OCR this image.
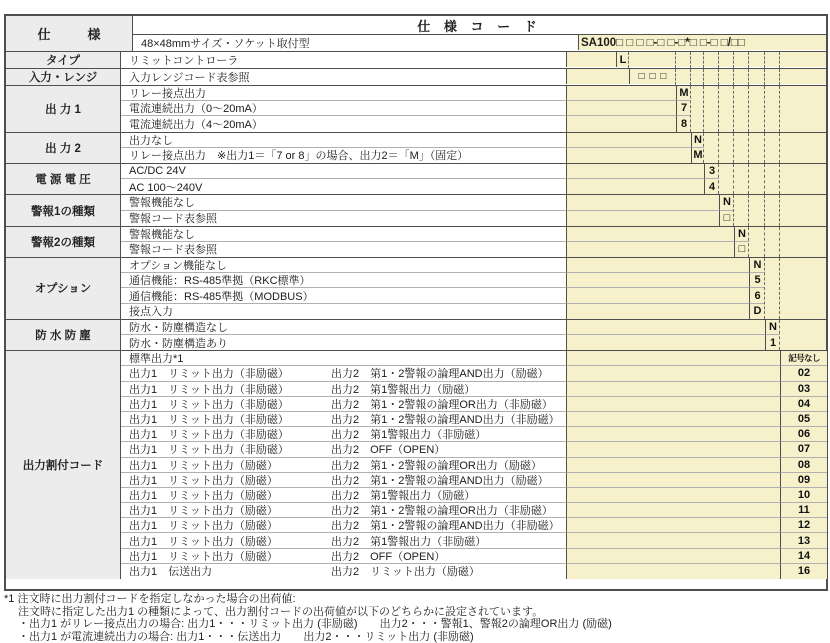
仕　様
仕 様 コ ー ド
48×48mmサイズ・ソケット取付型	SA100□ □ □ □-□ □-□*□ □-□ □/□□
タイプ	リミットコントローラ	L
入力・レンジ	入力レンジコード表参照	□ □ □
出 力 1
リレー接点出力	M
電流連続出力（0～20mA）	7
電流連続出力（4～20mA）	8
出 力 2
出力なし	N
リレー接点出力　※出力1＝「7 or 8」の場合、出力2＝「M」（固定）	M
電 源 電 圧
AC/DC 24V	3
AC 100～240V	4
警報1の種類
警報機能なし	N
警報コード表参照	□
警報2の種類
警報機能なし	N
警報コード表参照	□
オプション
オプション機能なし	N
通信機能：RS-485準拠（RKC標準）	5
通信機能：RS-485準拠（MODBUS）	6
接点入力	D
防 水 防 塵
防水・防塵構造なし	N
防水・防塵構造あり	1
出力割付コード
標準出力*1	記号なし
出力1　リミット出力（非励磁）	出力2　第1・2警報の論理AND出力（励磁）	02
出力1　リミット出力（非励磁）	出力2　第1警報出力（励磁）	03
出力1　リミット出力（非励磁）	出力2　第1・2警報の論理OR出力（非励磁）	04
出力1　リミット出力（非励磁）	出力2　第1・2警報の論理AND出力（非励磁）	05
出力1　リミット出力（非励磁）	出力2　第1警報出力（非励磁）	06
出力1　リミット出力（非励磁）	出力2　OFF（OPEN）	07
出力1　リミット出力（励磁）	出力2　第1・2警報の論理OR出力（励磁）	08
出力1　リミット出力（励磁）	出力2　第1・2警報の論理AND出力（励磁）	09
出力1　リミット出力（励磁）	出力2　第1警報出力（励磁）	10
出力1　リミット出力（励磁）	出力2　第1・2警報の論理OR出力（非励磁）	11
出力1　リミット出力（励磁）	出力2　第1・2警報の論理AND出力（非励磁）	12
出力1　リミット出力（励磁）	出力2　第1警報出力（非励磁）	13
出力1　リミット出力（励磁）	出力2　OFF（OPEN）	14
出力1　伝送出力	出力2　リミット出力（励磁）	16
*1 注文時に出力割付コードを指定しなかった場合の出荷値:
注文時に指定した出力1 の種類によって、出力割付コードの出荷値が以下のどちらかに設定されています。
・出力1 がリレー接点出力の場合: 出力1・・・リミット出力 (非励磁)　　出力2・・・警報1、警報2の論理OR出力 (励磁)
・出力1 が電流連続出力の場合: 出力1・・・伝送出力　　出力2・・・リミット出力 (非励磁)
